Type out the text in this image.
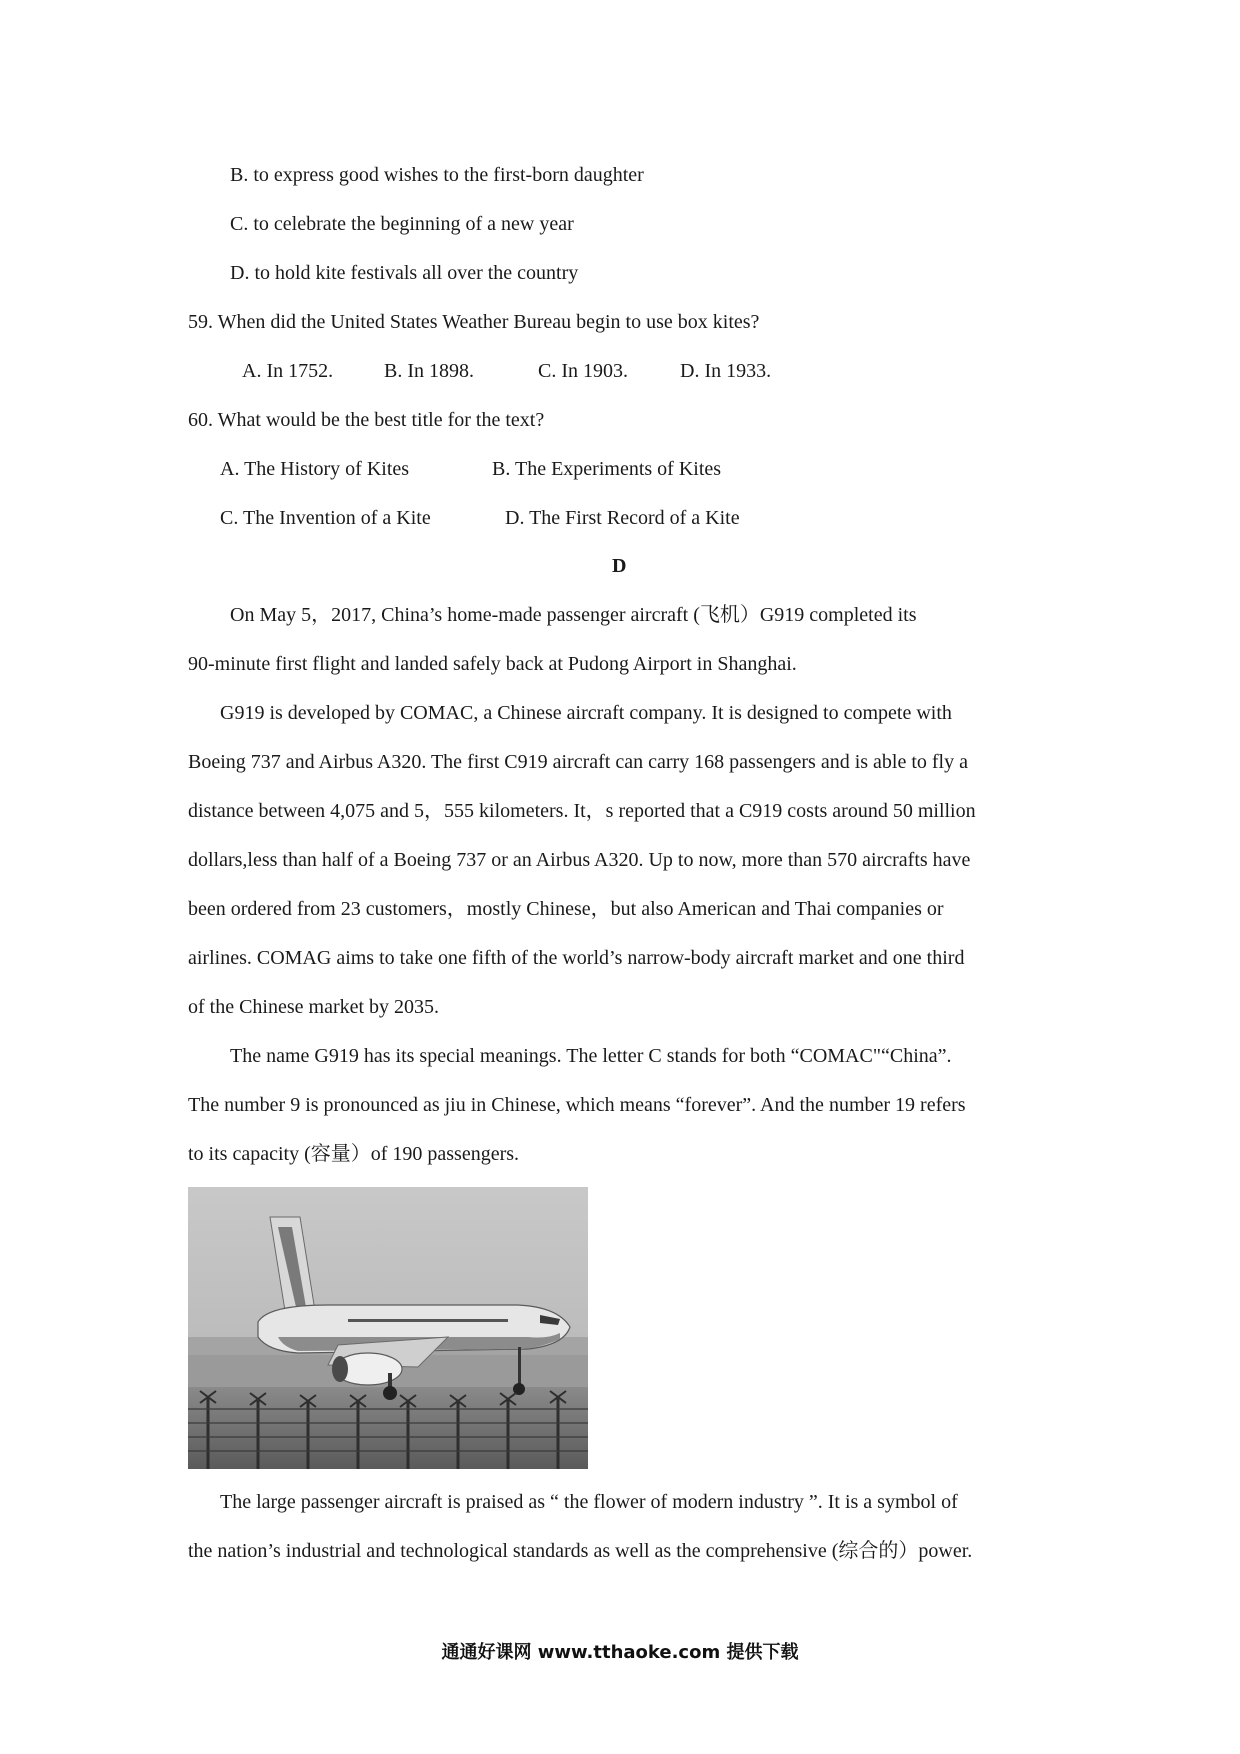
B. to express good wishes to the first-born daughter
C. to celebrate the beginning of a new year
D. to hold kite festivals all over the country
59. When did the United States Weather Bureau begin to use box kites?
A. In 1752.	B. In 1898.	C. In 1903.	D. In 1933.
60. What would be the best title for the text?
A. The History of Kites	B. The Experiments of Kites
C. The Invention of a Kite	D. The First Record of a Kite
D
On May 5，2017, China’s home-made passenger aircraft (飞机）G919 completed its
90-minute first flight and landed safely back at Pudong Airport in Shanghai.
G919 is developed by COMAC, a Chinese aircraft company. It is designed to compete with
Boeing 737 and Airbus A320. The first C919 aircraft can carry 168 passengers and is able to fly a
distance between 4,075 and 5，555 kilometers. It，s reported that a C919 costs around 50 million
dollars,less than half of a Boeing 737 or an Airbus A320. Up to now, more than 570 aircrafts have
been ordered from 23 customers，mostly Chinese，but also American and Thai companies or
airlines. COMAG aims to take one fifth of the world’s narrow-body aircraft market and one third
of the Chinese market by 2035.
The name G919 has its special meanings. The letter C stands for both “COMAC"“China”.
The number 9 is pronounced as jiu in Chinese, which means “forever”. And the number 19 refers
to its capacity (容量）of 190 passengers.
The large passenger aircraft is praised as “ the flower of modern industry ”. It is a symbol of
the nation’s industrial and technological standards as well as the comprehensive (综合的）power.
通通好课网 www.tthaoke.com 提供下载
